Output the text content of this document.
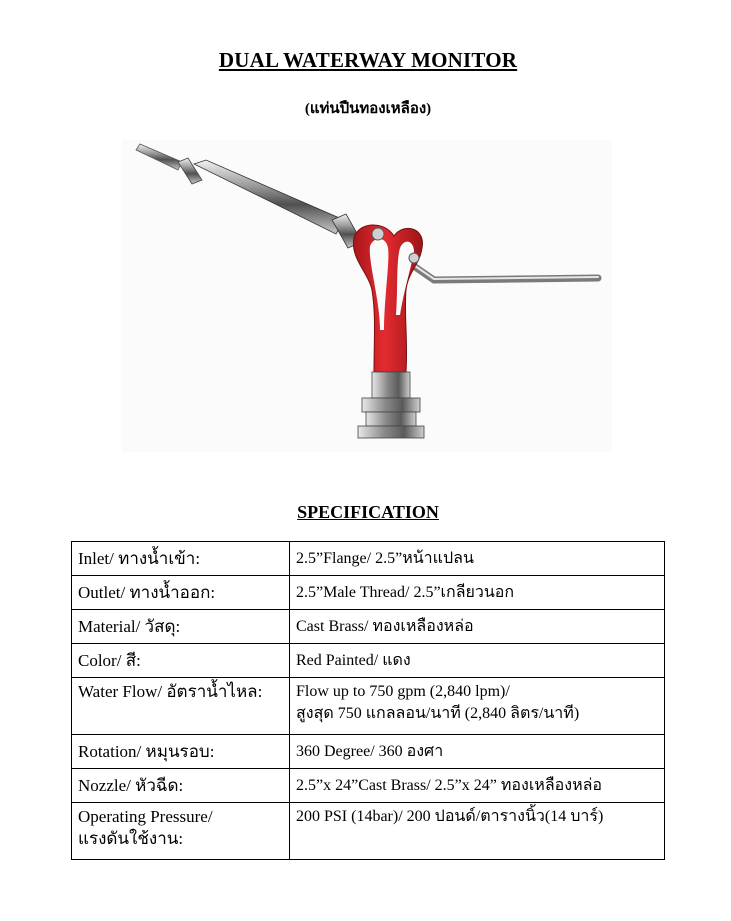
DUAL WATERWAY MONITOR
(แท่นปืนทองเหลือง)
SPECIFICATION
Inlet/ ทางน้ำเข้า:	2.5”Flange/ 2.5”หน้าแปลน
Outlet/ ทางน้ำออก:	2.5”Male Thread/ 2.5”เกลียวนอก
Material/ วัสดุ:	Cast Brass/ ทองเหลืองหล่อ
Color/ สี:	Red Painted/ แดง
Water Flow/ อัตราน้ำไหล:	Flow up to 750 gpm (2,840 lpm)/
สูงสุด 750 แกลลอน/นาที (2,840 ลิตร/นาที)

Rotation/ หมุนรอบ:	360 Degree/ 360 องศา
Nozzle/ หัวฉีด:	2.5”x 24”Cast Brass/ 2.5”x 24” ทองเหลืองหล่อ

Operating Pressure/
แรงดันใช้งาน:	200 PSI (14bar)/ 200 ปอนด์/ตารางนิ้ว(14 บาร์)
